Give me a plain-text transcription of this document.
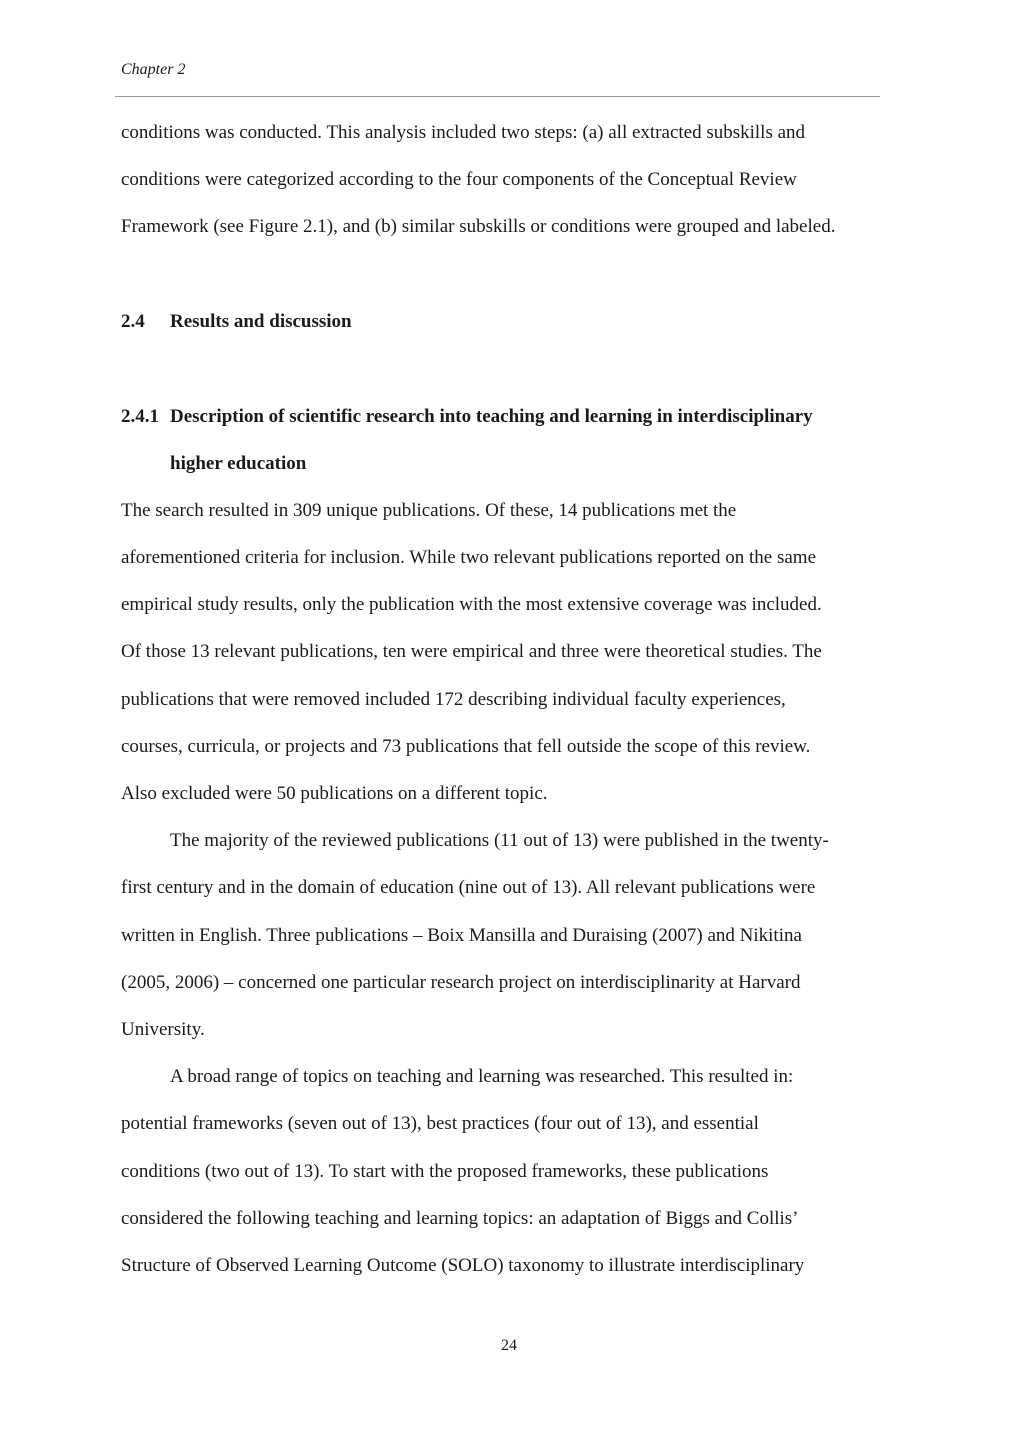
Chapter 2
conditions was conducted. This analysis included two steps: (a) all extracted subskills and
conditions were categorized according to the four components of the Conceptual Review
Framework (see Figure 2.1), and (b) similar subskills or conditions were grouped and labeled.
2.4 Results and discussion
2.4.1 Description of scientific research into teaching and learning in interdisciplinary
higher education
The search resulted in 309 unique publications. Of these, 14 publications met the
aforementioned criteria for inclusion. While two relevant publications reported on the same
empirical study results, only the publication with the most extensive coverage was included.
Of those 13 relevant publications, ten were empirical and three were theoretical studies. The
publications that were removed included 172 describing individual faculty experiences,
courses, curricula, or projects and 73 publications that fell outside the scope of this review.
Also excluded were 50 publications on a different topic.
The majority of the reviewed publications (11 out of 13) were published in the twenty-
first century and in the domain of education (nine out of 13). All relevant publications were
written in English. Three publications – Boix Mansilla and Duraising (2007) and Nikitina
(2005, 2006) – concerned one particular research project on interdisciplinarity at Harvard
University.
A broad range of topics on teaching and learning was researched. This resulted in:
potential frameworks (seven out of 13), best practices (four out of 13), and essential
conditions (two out of 13). To start with the proposed frameworks, these publications
considered the following teaching and learning topics: an adaptation of Biggs and Collis’
Structure of Observed Learning Outcome (SOLO) taxonomy to illustrate interdisciplinary
24
